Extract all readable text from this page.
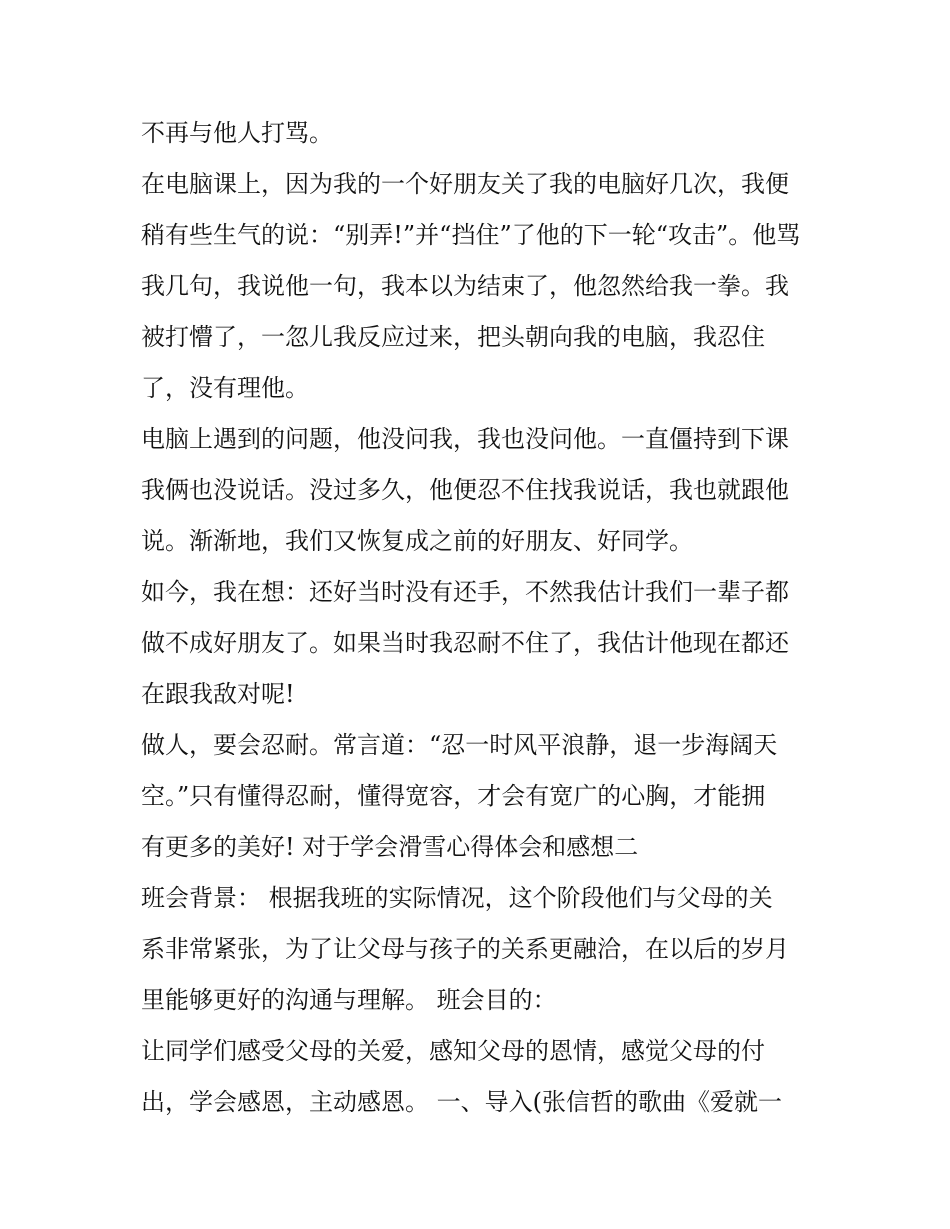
不再与他人打骂。
在电脑课上，因为我的一个好朋友关了我的电脑好几次，我便
稍有些生气的说：“别弄!”并“挡住”了他的下一轮“攻击”。他骂
我几句，我说他一句，我本以为结束了，他忽然给我一拳。我
被打懵了，一忽儿我反应过来，把头朝向我的电脑，我忍住
了，没有理他。
电脑上遇到的问题，他没问我，我也没问他。一直僵持到下课
我俩也没说话。没过多久，他便忍不住找我说话，我也就跟他
说。渐渐地，我们又恢复成之前的好朋友、好同学。
如今，我在想：还好当时没有还手，不然我估计我们一辈子都
做不成好朋友了。如果当时我忍耐不住了，我估计他现在都还
在跟我敌对呢!
做人，要会忍耐。常言道：“忍一时风平浪静，退一步海阔天
空。”只有懂得忍耐，懂得宽容，才会有宽广的心胸，才能拥
有更多的美好! 对于学会滑雪心得体会和感想二
班会背景： 根据我班的实际情况，这个阶段他们与父母的关
系非常紧张，为了让父母与孩子的关系更融洽，在以后的岁月
里能够更好的沟通与理解。 班会目的：
让同学们感受父母的关爱，感知父母的恩情，感觉父母的付
出，学会感恩，主动感恩。 一、导入(张信哲的歌曲《爱就一
